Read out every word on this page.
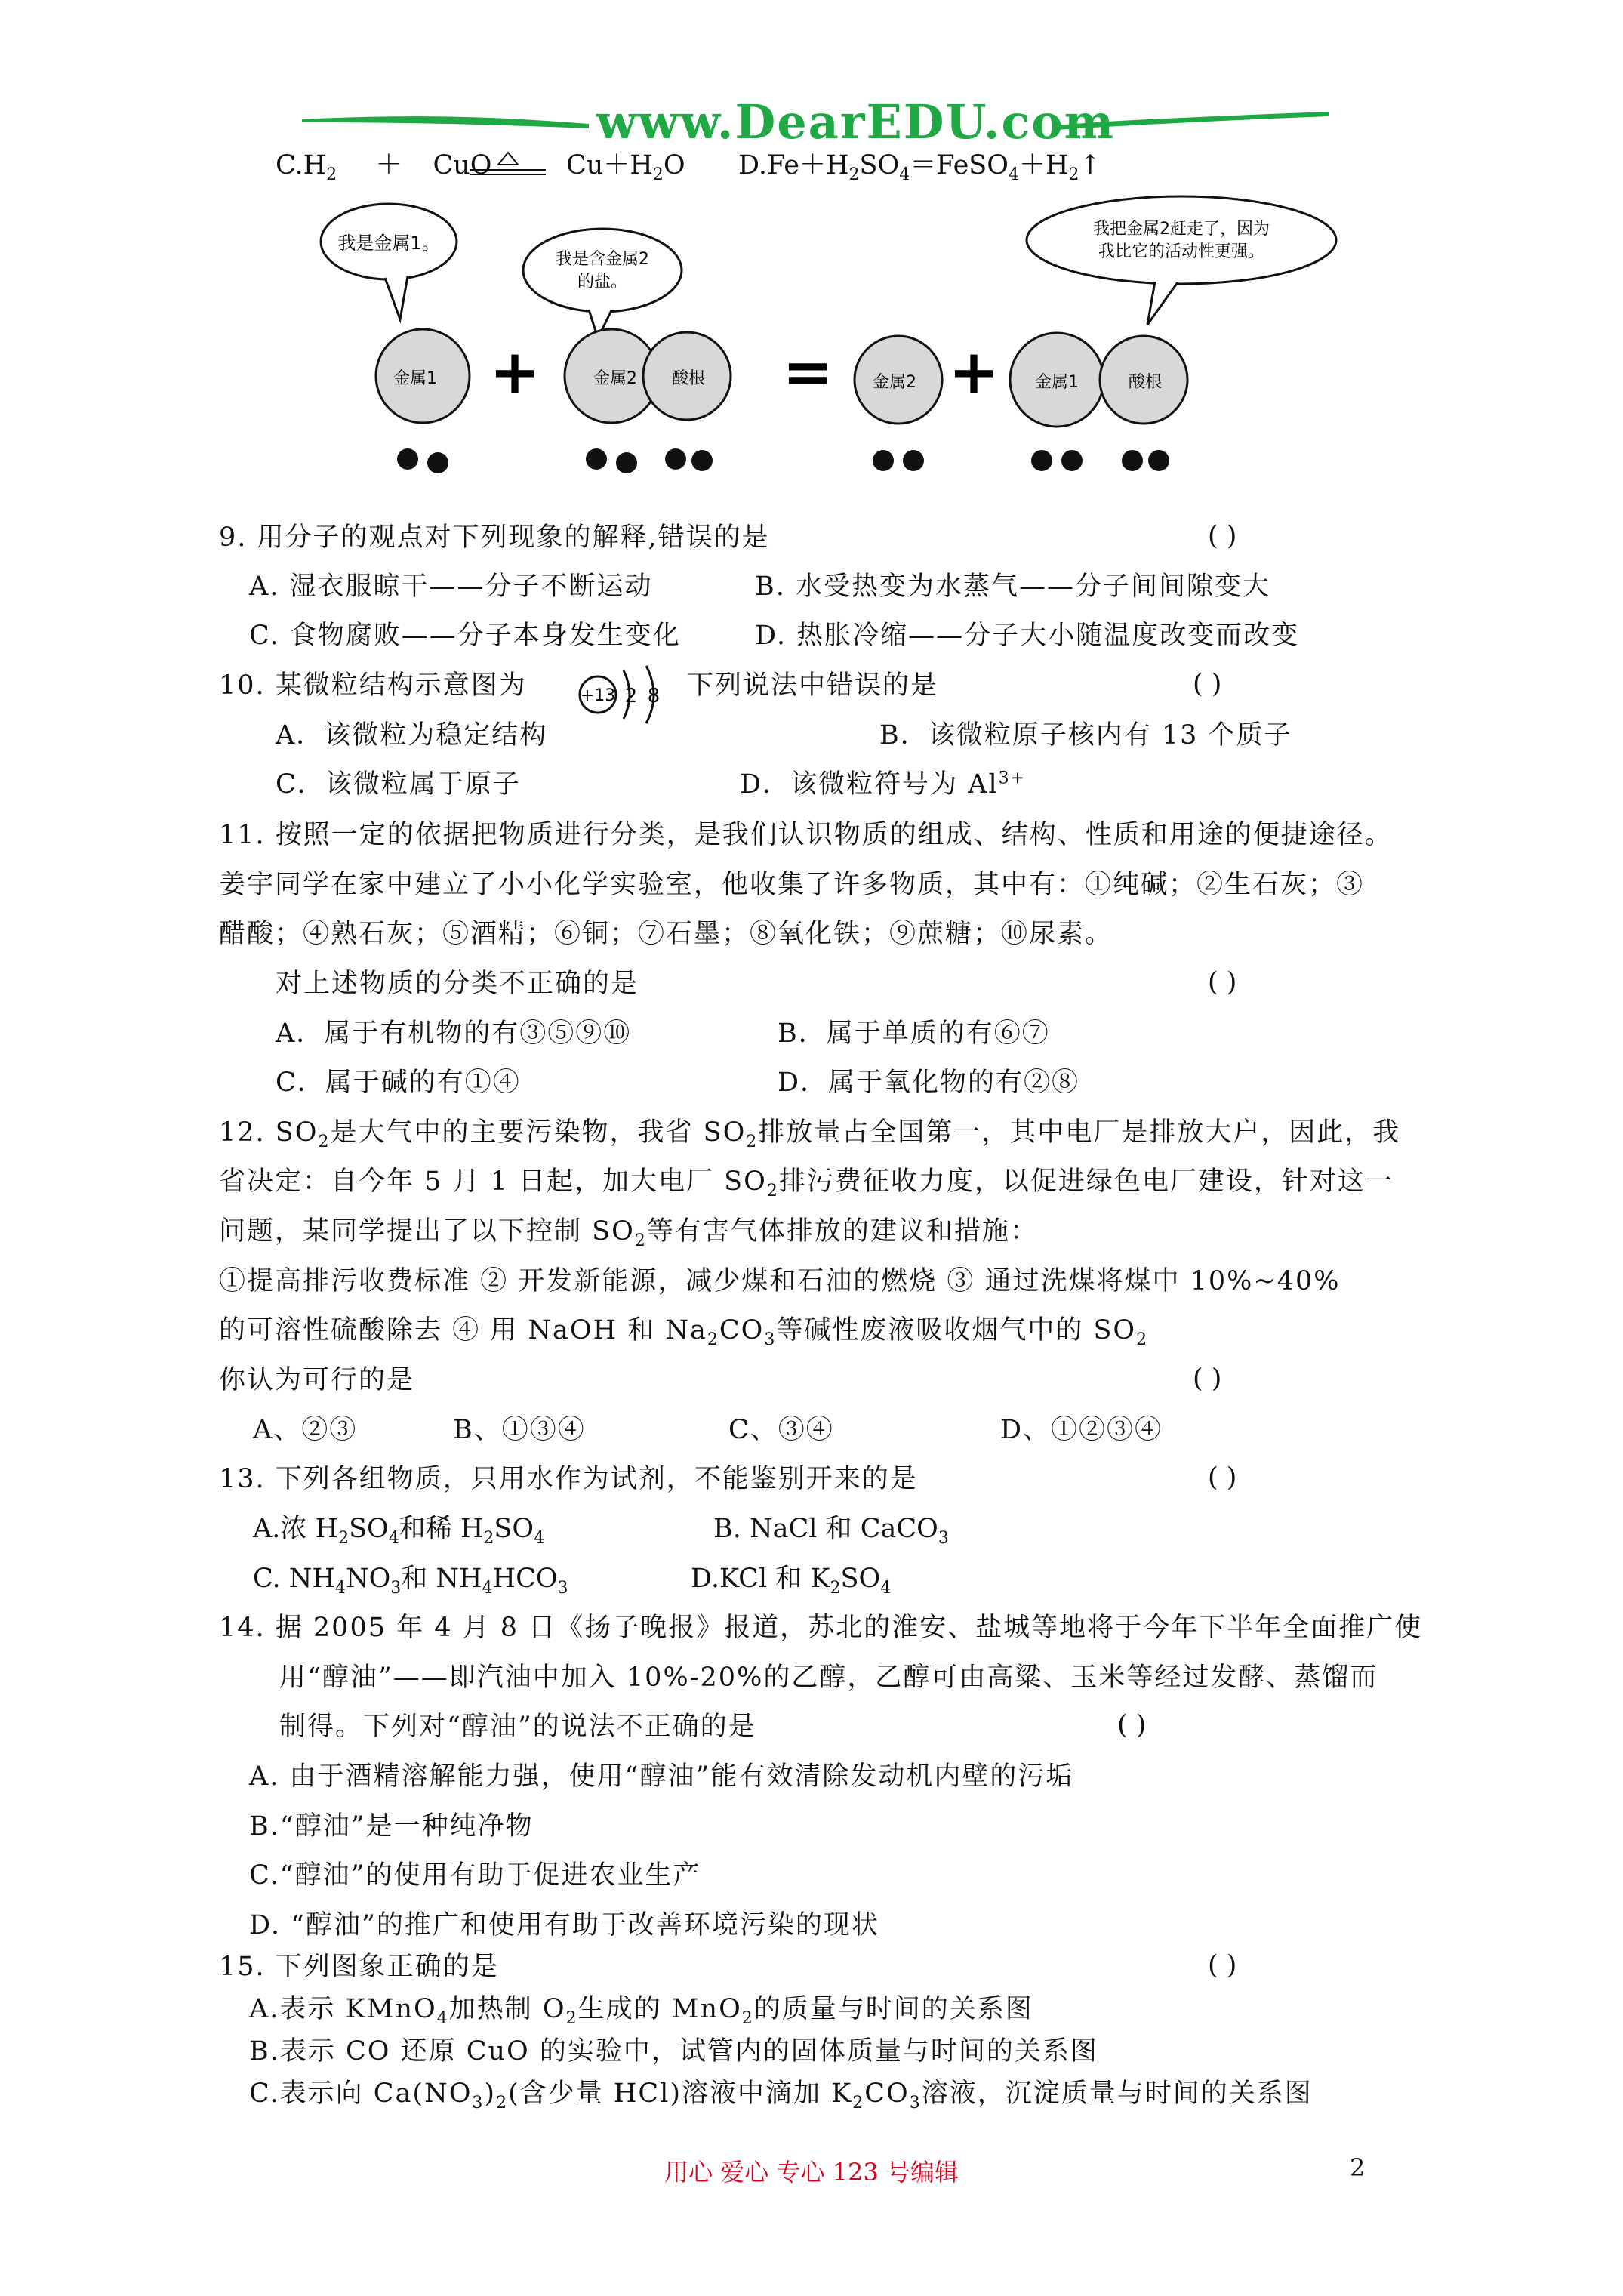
www.DearEDU.com
$C.H_2$ ＋ CuO	$Cu+H_2O$ $D.Fe+H_2SO_4=FeSO_4+H_2↑$
我是金属1。
我是含金属2
的盐。
我把金属2赶走了，因为
我比它的活动性更强。
金属1	金属2 酸根	金属2	金属1	酸根
+	= +
9. 用分子的观点对下列现象的解释,错误的是	( )
A. 湿衣服晾干——分子不断运动	B. 水受热变为水蒸气——分子间间隙变大
C. 食物腐败——分子本身发生变化	D. 热胀冷缩——分子大小随温度改变而改变
10. 某微粒结构示意图为	+13 2 8 下列说法中错误的是	( )
A．该微粒为稳定结构	B．该微粒原子核内有 13 个质子
C．该微粒属于原子	D．该微粒符号为 $Al^{3+}$
11. 按照一定的依据把物质进行分类，是我们认识物质的组成、结构、性质和用途的便捷途径。
姜宇同学在家中建立了小小化学实验室，他收集了许多物质，其中有：①纯碱；②生石灰；③
醋酸；④熟石灰；⑤酒精；⑥铜；⑦石墨；⑧氧化铁；⑨蔗糖；⑩尿素。
对上述物质的分类不正确的是	( )
A．属于有机物的有③⑤⑨⑩	B．属于单质的有⑥⑦
C．属于碱的有①④	D．属于氧化物的有②⑧
12. $SO_2$是大气中的主要污染物，我省 $SO_2$排放量占全国第一，其中电厂是排放大户，因此，我
省决定：自今年 5 月 1 日起，加大电厂 $SO_2$排污费征收力度，以促进绿色电厂建设，针对这一
问题，某同学提出了以下控制 $SO_2$等有害气体排放的建议和措施：
①提高排污收费标准 ② 开发新能源，减少煤和石油的燃烧 ③ 通过洗煤将煤中 10%~40%
的可溶性硫酸除去 ④ 用 NaOH 和 $Na_2CO_3$等碱性废液吸收烟气中的 $SO_2$
你认为可行的是	( )
A、②③	B、①③④	C、③④	D、①②③④
13. 下列各组物质，只用水作为试剂，不能鉴别开来的是	( )
A.浓 $H_2SO_4$和稀 $H_2SO_4$	B. NaCl 和 CaCO$_3$
C. $NH_4NO_3$和 $NH_4HCO_3$	D.KCl 和 $K_2SO_4$
14. 据 2005 年 4 月 8 日《扬子晚报》报道，苏北的淮安、盐城等地将于今年下半年全面推广使
用“醇油”——即汽油中加入 10%-20%的乙醇，乙醇可由高粱、玉米等经过发酵、蒸馏而
制得。下列对“醇油”的说法不正确的是	( )
A. 由于酒精溶解能力强，使用“醇油”能有效清除发动机内壁的污垢
B.“醇油”是一种纯净物
C.“醇油”的使用有助于促进农业生产
D. “醇油”的推广和使用有助于改善环境污染的现状
15. 下列图象正确的是	( )
A.表示 KMnO$_4$加热制 $O_2$生成的 MnO$_2$的质量与时间的关系图
B.表示 CO 还原 CuO 的实验中，试管内的固体质量与时间的关系图
C.表示向 $Ca(NO_3)_2$(含少量 HCl)溶液中滴加 $K_2CO_3$溶液，沉淀质量与时间的关系图
用心 爱心 专心 123 号编辑	2
